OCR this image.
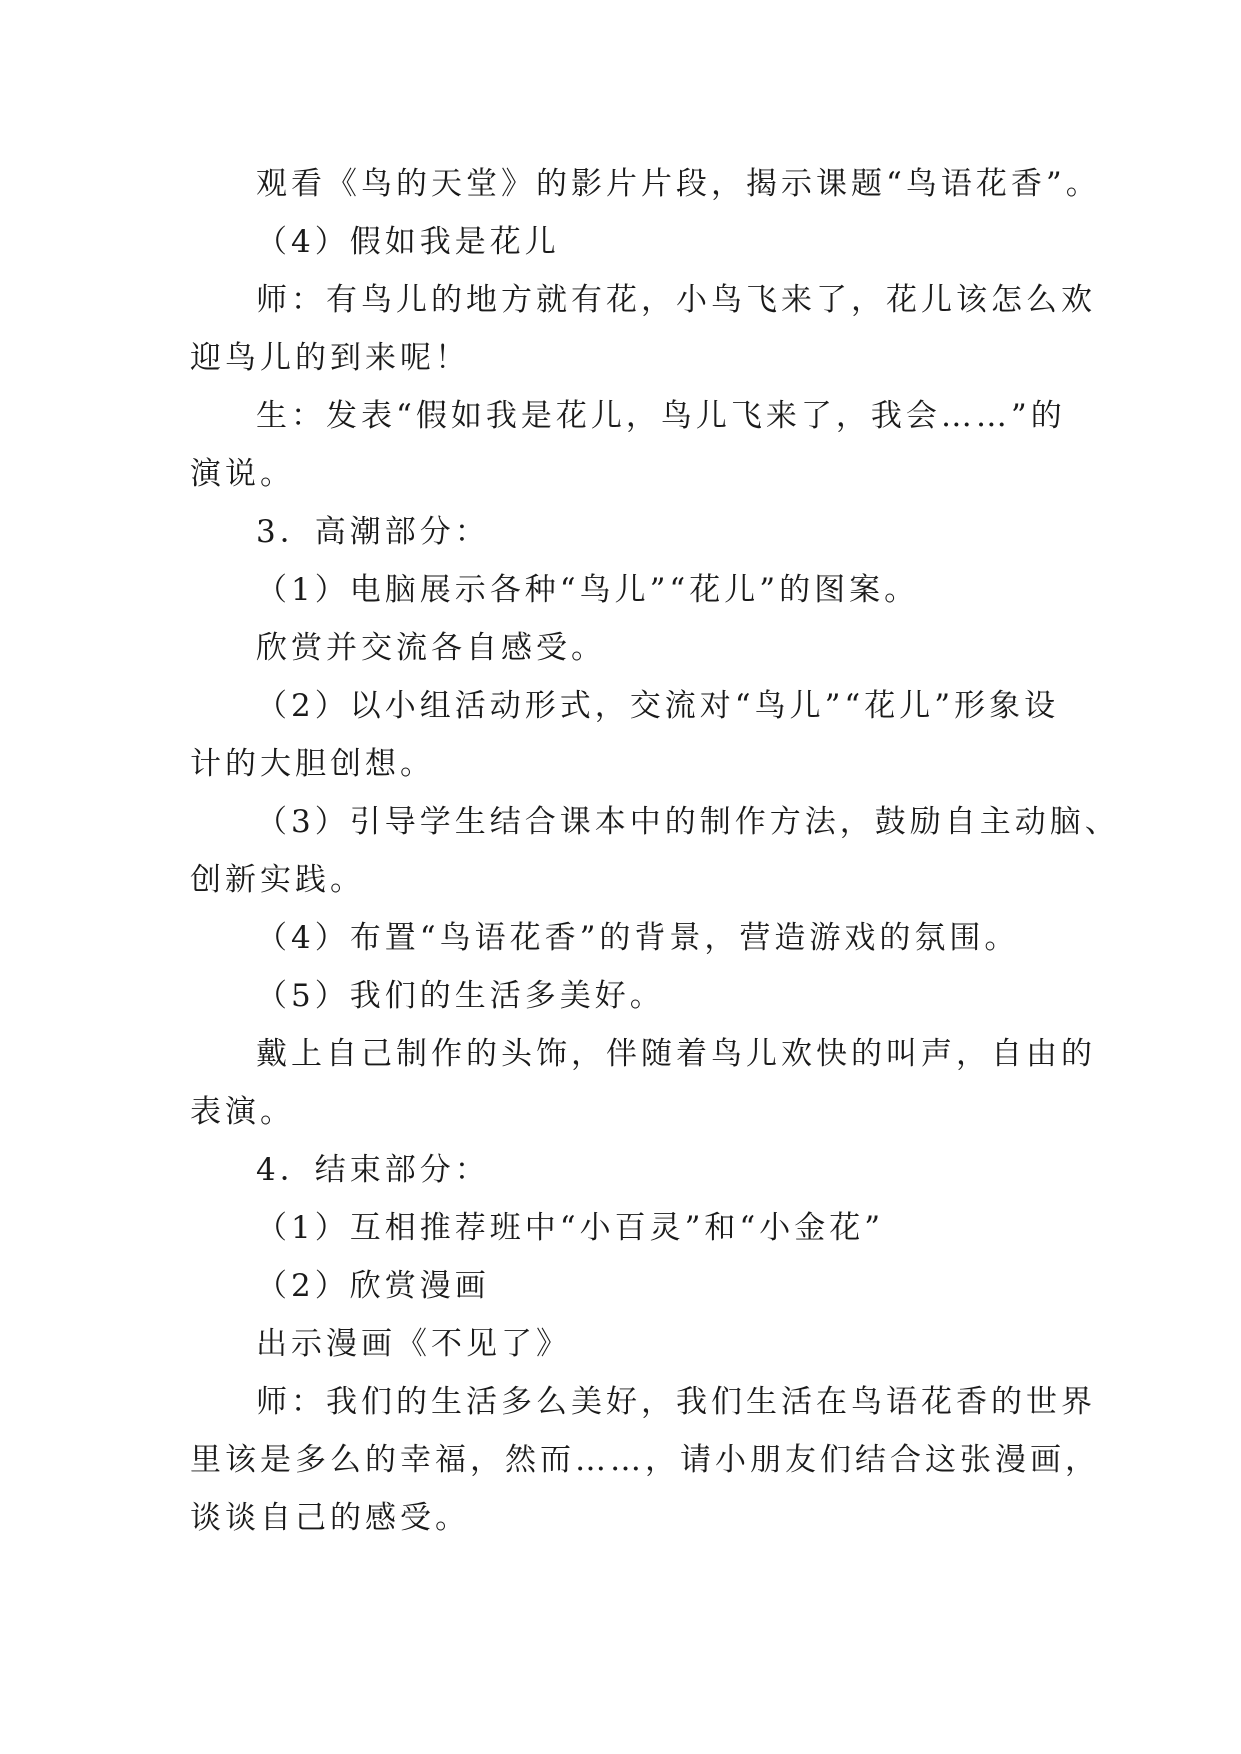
观看《鸟的天堂》的影片片段，揭示课题“鸟语花香”。
（4）假如我是花儿
师：有鸟儿的地方就有花，小鸟飞来了，花儿该怎么欢
迎鸟儿的到来呢！
生：发表“假如我是花儿，鸟儿飞来了，我会……”的
演说。
3．高潮部分：
（1）电脑展示各种“鸟儿”“花儿”的图案。
欣赏并交流各自感受。
（2）以小组活动形式，交流对“鸟儿”“花儿”形象设
计的大胆创想。
（3）引导学生结合课本中的制作方法，鼓励自主动脑、
创新实践。
（4）布置“鸟语花香”的背景，营造游戏的氛围。
（5）我们的生活多美好。
戴上自己制作的头饰，伴随着鸟儿欢快的叫声，自由的
表演。
4．结束部分：
（1）互相推荐班中“小百灵”和“小金花”
（2）欣赏漫画
出示漫画《不见了》
师：我们的生活多么美好，我们生活在鸟语花香的世界
里该是多么的幸福，然而……，请小朋友们结合这张漫画，
谈谈自己的感受。
